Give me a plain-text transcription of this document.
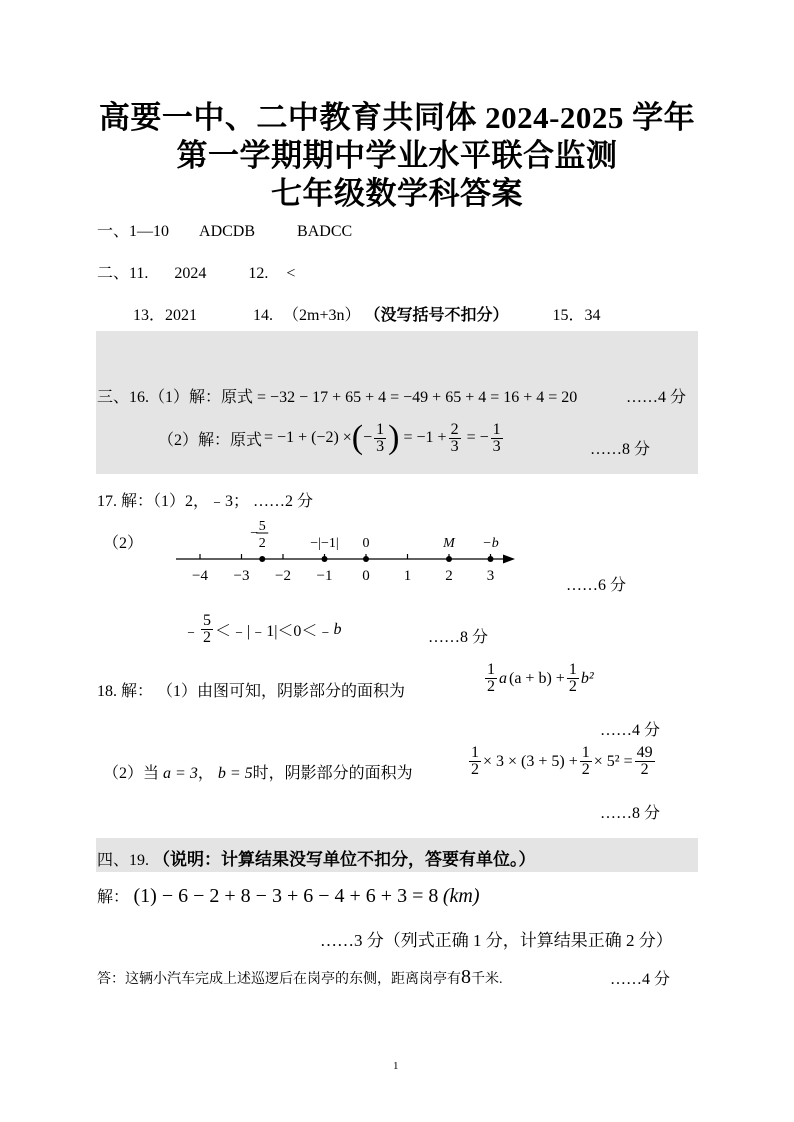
高要一中、二中教育共同体 2024-2025 学年
第一学期期中学业水平联合监测
七年级数学科答案
一、1—10 ADCDB	BADCC
二、11. 2024	12. <
13．2021	14. （2m+3n） （没写括号不扣分）	15．34
三、16.（1）解：原式 = −32 − 17 + 65 + 4 = −49 + 65 + 4 = 16 + 4 = 20	……4 分
（2）解：原式 = −1 + (−2) × ( − $\frac{1}{3}$ ) = $-1 + \frac{2}{3}$ = − $\frac{1}{3}$	……8 分
17. 解：（1）2，﹣3； ……2 分
（2）
−4 −3 −2 −1 0 1 2 3
− 5
2	−|−1| 0	M −b
……6 分
﹣ $\frac{5}{2}$ ＜﹣|﹣1|＜0＜﹣ b	……8 分
18. 解： （1）由图可知，阴影部分的面积为	$\frac{1}{2}$ a $(a + b) + \frac{1}{2} b^2$
……4 分
（2）当 a = 3， b = 5时，阴影部分的面积为	$\frac{1}{2} \times 3 \times (3 + 5) + \frac{1}{2} \times 5^2 = \frac{49}{2}$
……8 分
四、19. （说明：计算结果没写单位不扣分，答要有单位。）
解： (1) − 6 − 2 + 8 − 3 + 6 − 4 + 6 + 3 = 8 (km)
……3 分（列式正确 1 分，计算结果正确 2 分）
答：这辆小汽车完成上述巡逻后在岗亭的东侧，距离岗亭有8千米.	……4 分
1
